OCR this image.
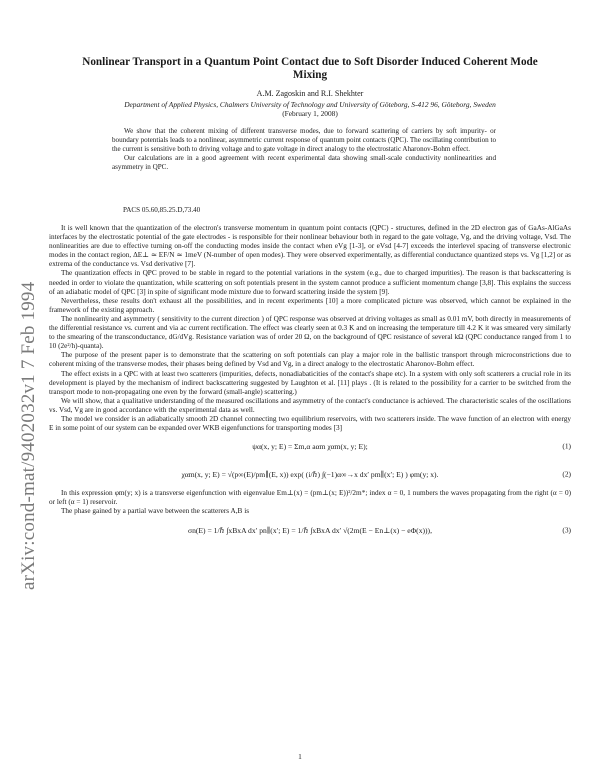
arXiv:cond-mat/9402032v1 7 Feb 1994
Nonlinear Transport in a Quantum Point Contact due to Soft Disorder Induced Coherent Mode Mixing
A.M. Zagoskin and R.I. Shekhter
Department of Applied Physics, Chalmers University of Technology and University of Göteborg, S-412 96, Göteborg, Sweden
(February 1, 2008)

We show that the coherent mixing of different transverse modes, due to forward scattering of carriers by soft impurity- or boundary potentials leads to a nonlinear, asymmetric current response of quantum point contacts (QPC). The oscillating contribution to the current is sensitive both to driving voltage and to gate voltage in direct analogy to the electrostatic Aharonov-Bohm effect.

Our calculations are in a good agreement with recent experimental data showing small-scale conductivity nonlinearities and asymmetry in QPC.

PACS 05.60,85.25.D,73.40

It is well known that the quantization of the electron's transverse momentum in quantum point contacts (QPC) - structures, defined in the 2D electron gas of GaAs-AlGaAs interfaces by the electrostatic potential of the gate electrodes - is responsible for their nonlinear behaviour both in regard to the gate voltage, Vg, and the driving voltage, Vsd. The nonlinearities are due to effective turning on-off the conducting modes inside the contact when eVg [1-3], or eVsd [4-7] exceeds the interlevel spacing of transverse electronic modes in the contact region, ΔE⊥ ≃ EF/N ≃ 1meV (N-number of open modes). They were observed experimentally, as differential conductance quantized steps vs. Vg [1,2] or as extrema of the conductance vs. Vsd derivative [7].

The quantization effects in QPC proved to be stable in regard to the potential variations in the system (e.g., due to charged impurities). The reason is that backscattering is needed in order to violate the quantization, while scattering on soft potentials present in the system cannot produce a sufficient momentum change [3,8]. This explains the success of an adiabatic model of QPC [3] in spite of significant mode mixture due to forward scattering inside the system [9].

Nevertheless, these results don't exhaust all the possibilities, and in recent experiments [10] a more complicated picture was observed, which cannot be explained in the framework of the existing approach.

The nonlinearity and asymmetry ( sensitivity to the current direction ) of QPC response was observed at driving voltages as small as 0.01 mV, both directly in measurements of the differential resistance vs. current and via ac current rectification. The effect was clearly seen at 0.3 K and on increasing the temperature till 4.2 K it was smeared very similarly to the smearing of the transconductance, dG/dVg. Resistance variation was of order 20 Ω, on the background of QPC resistance of several kΩ (QPC conductance ranged from 1 to 10 (2e²/h)-quanta).

The purpose of the present paper is to demonstrate that the scattering on soft potentials can play a major role in the ballistic transport through microconstrictions due to coherent mixing of the transverse modes, their phases being defined by Vsd and Vg, in a direct analogy to the electrostatic Aharonov-Bohm effect.

The effect exists in a QPC with at least two scatterers (impurities, defects, nonadiabaticities of the contact's shape etc). In a system with only soft scatterers a crucial role in its development is played by the mechanism of indirect backscattering suggested by Laughton et al. [11] plays . (It is related to the possibility for a carrier to be switched from the transport mode to non-propagating one even by the forward (small-angle) scattering.)

We will show, that a qualitative understanding of the measured oscillations and asymmetry of the contact's conductance is achieved. The characteristic scales of the oscillations vs. Vsd, Vg are in good accordance with the experimental data as well.

The model we consider is an adiabatically smooth 2D channel connecting two equilibrium reservoirs, with two scatterers inside. The wave function of an electron with energy E in some point of our system can be expanded over WKB eigenfunctions for transporting modes [3]

ψα(x, y; E) = Σm,α aαm χαm(x, y; E);	(1)
χαm(x, y; E) = √(p∞(E)/pm∥(E, x)) exp( (i/ℏ) ∫(−1)α∞→x dx′ pm∥(x′; E) ) φm(y; x).	(2)

In this expression φm(y; x) is a transverse eigenfunction with eigenvalue Em⊥(x) = (pm⊥(x; E))²/2m*; index α = 0, 1 numbers the waves propagating from the right (α = 0) or left (α = 1) reservoir.

The phase gained by a partial wave between the scatterers A,B is

σn(E) = 1/ℏ ∫xBxA dx′ pn∥(x′; E) = 1/ℏ ∫xBxA dx′ √(2m(E − En⊥(x) − eΦ(x))),	(3)
1
